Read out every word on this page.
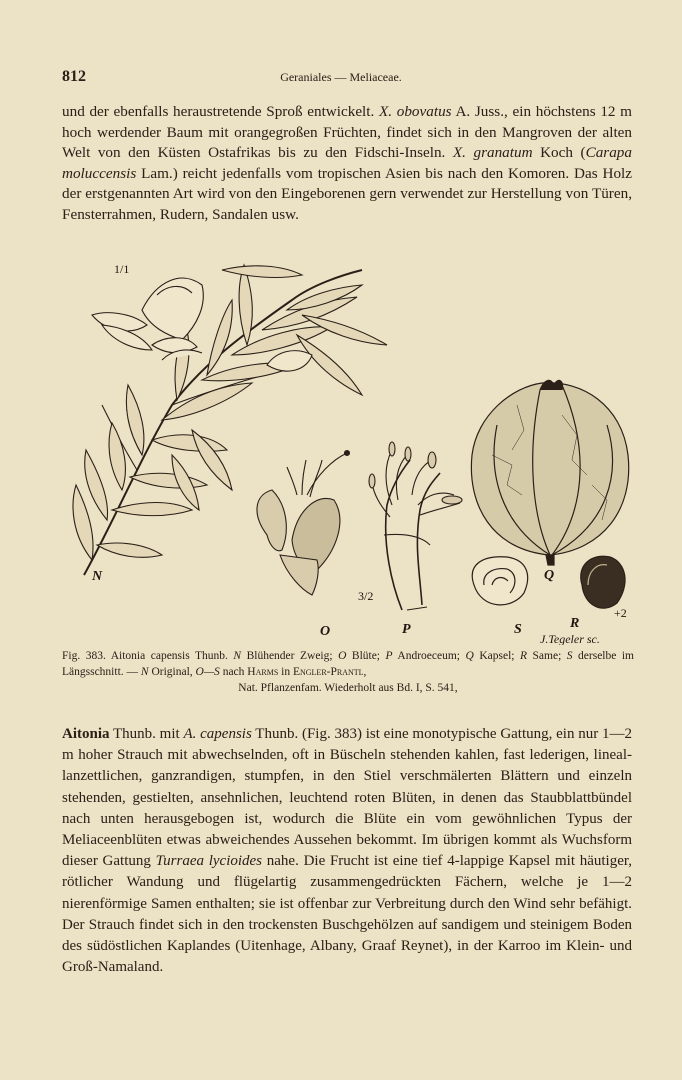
812	Geraniales — Meliaceae.
und der ebenfalls heraustretende Sproß entwickelt. X. obovatus A. Juss., ein höchstens 12 m hoch werdender Baum mit orangegroßen Früchten, findet sich in den Mangroven der alten Welt von den Küsten Ostafrikas bis zu den Fidschi-Inseln. X. granatum Koch (Carapa moluccensis Lam.) reicht jedenfalls vom tropischen Asien bis nach den Komoren. Das Holz der erstgenannten Art wird von den Eingeborenen gern verwendet zur Herstellung von Türen, Fensterrahmen, Rudern, Sandalen usw.
1/1
N
O
3/2
P
Q
S	R
+2
J.Tegeler sc.
Fig. 383. Aitonia capensis Thunb. N Blühender Zweig; O Blüte; P Androeceum; Q Kapsel; R Same; S derselbe im Längsschnitt. — N Original, O—S nach Harms in Engler-Prantl,
Nat. Pflanzenfam. Wiederholt aus Bd. I, S. 541,
Aitonia Thunb. mit A. capensis Thunb. (Fig. 383) ist eine monotypische Gattung, ein nur 1—2 m hoher Strauch mit abwechselnden, oft in Büscheln stehenden kahlen, fast lederigen, lineal-lanzettlichen, ganzrandigen, stumpfen, in den Stiel verschmälerten Blättern und einzeln stehenden, gestielten, ansehnlichen, leuchtend roten Blüten, in denen das Staubblattbündel nach unten herausgebogen ist, wodurch die Blüte ein vom gewöhnlichen Typus der Meliaceenblüten etwas abweichendes Aussehen bekommt. Im übrigen kommt als Wuchsform dieser Gattung Turraea lycioides nahe. Die Frucht ist eine tief 4-lappige Kapsel mit häutiger, rötlicher Wandung und flügelartig zusammengedrückten Fächern, welche je 1—2 nierenförmige Samen enthalten; sie ist offenbar zur Verbreitung durch den Wind sehr befähigt. Der Strauch findet sich in den trockensten Buschgehölzen auf sandigem und steinigem Boden des südöstlichen Kaplandes (Uitenhage, Albany, Graaf Reynet), in der Karroo im Klein- und Groß-Namaland.
